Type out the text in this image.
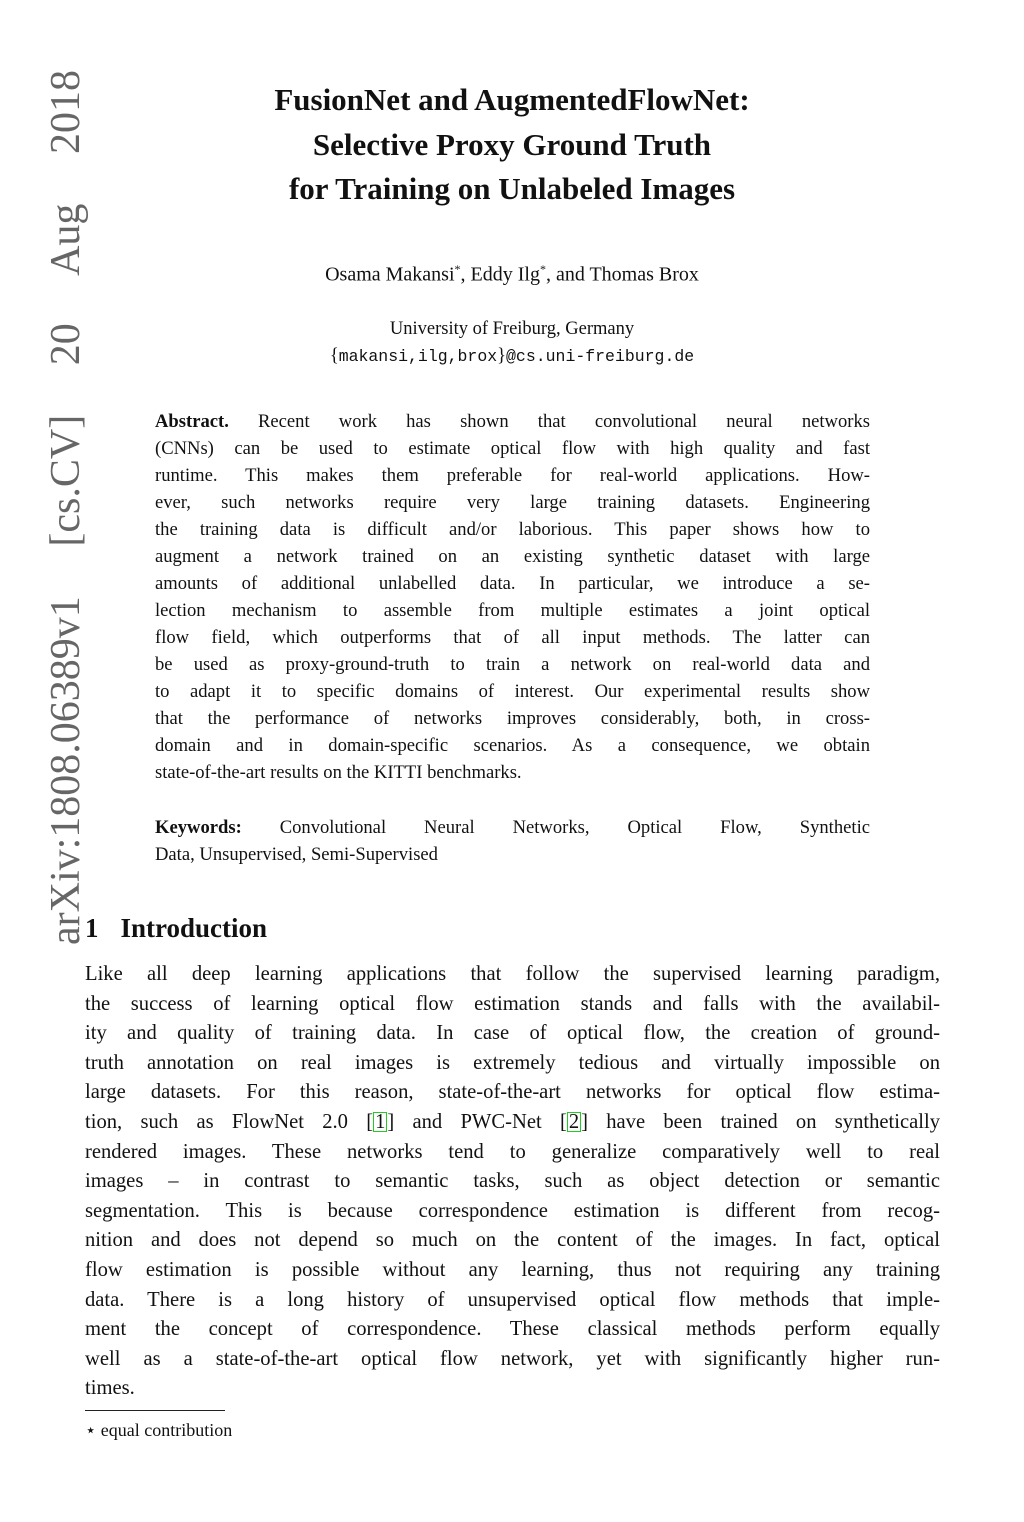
arXiv:1808.06389v1 [cs.CV] 20 Aug 2018	FusionNet and AugmentedFlowNet:
Selective Proxy Ground Truth
for Training on Unlabeled Images
Osama Makansi*, Eddy Ilg*, and Thomas Brox
University of Freiburg, Germany
{makansi,ilg,brox}@cs.uni-freiburg.de
Abstract. Recent work has shown that convolutional neural networks
(CNNs) can be used to estimate optical flow with high quality and fast
runtime. This makes them preferable for real-world applications. How-
ever, such networks require very large training datasets. Engineering
the training data is difficult and/or laborious. This paper shows how to
augment a network trained on an existing synthetic dataset with large
amounts of additional unlabelled data. In particular, we introduce a se-
lection mechanism to assemble from multiple estimates a joint optical
flow field, which outperforms that of all input methods. The latter can
be used as proxy-ground-truth to train a network on real-world data and
to adapt it to specific domains of interest. Our experimental results show
that the performance of networks improves considerably, both, in cross-
domain and in domain-specific scenarios. As a consequence, we obtain
state-of-the-art results on the KITTI benchmarks.
Keywords: Convolutional Neural Networks, Optical Flow, Synthetic
Data, Unsupervised, Semi-Supervised
1 Introduction
Like all deep learning applications that follow the supervised learning paradigm,
the success of learning optical flow estimation stands and falls with the availabil-
ity and quality of training data. In case of optical flow, the creation of ground-
truth annotation on real images is extremely tedious and virtually impossible on
large datasets. For this reason, state-of-the-art networks for optical flow estima-
tion, such as FlowNet 2.0 [1] and PWC-Net [2] have been trained on synthetically
rendered images. These networks tend to generalize comparatively well to real
images – in contrast to semantic tasks, such as object detection or semantic
segmentation. This is because correspondence estimation is different from recog-
nition and does not depend so much on the content of the images. In fact, optical
flow estimation is possible without any learning, thus not requiring any training
data. There is a long history of unsupervised optical flow methods that imple-
ment the concept of correspondence. These classical methods perform equally
well as a state-of-the-art optical flow network, yet with significantly higher run-
times.
⋆ equal contribution
